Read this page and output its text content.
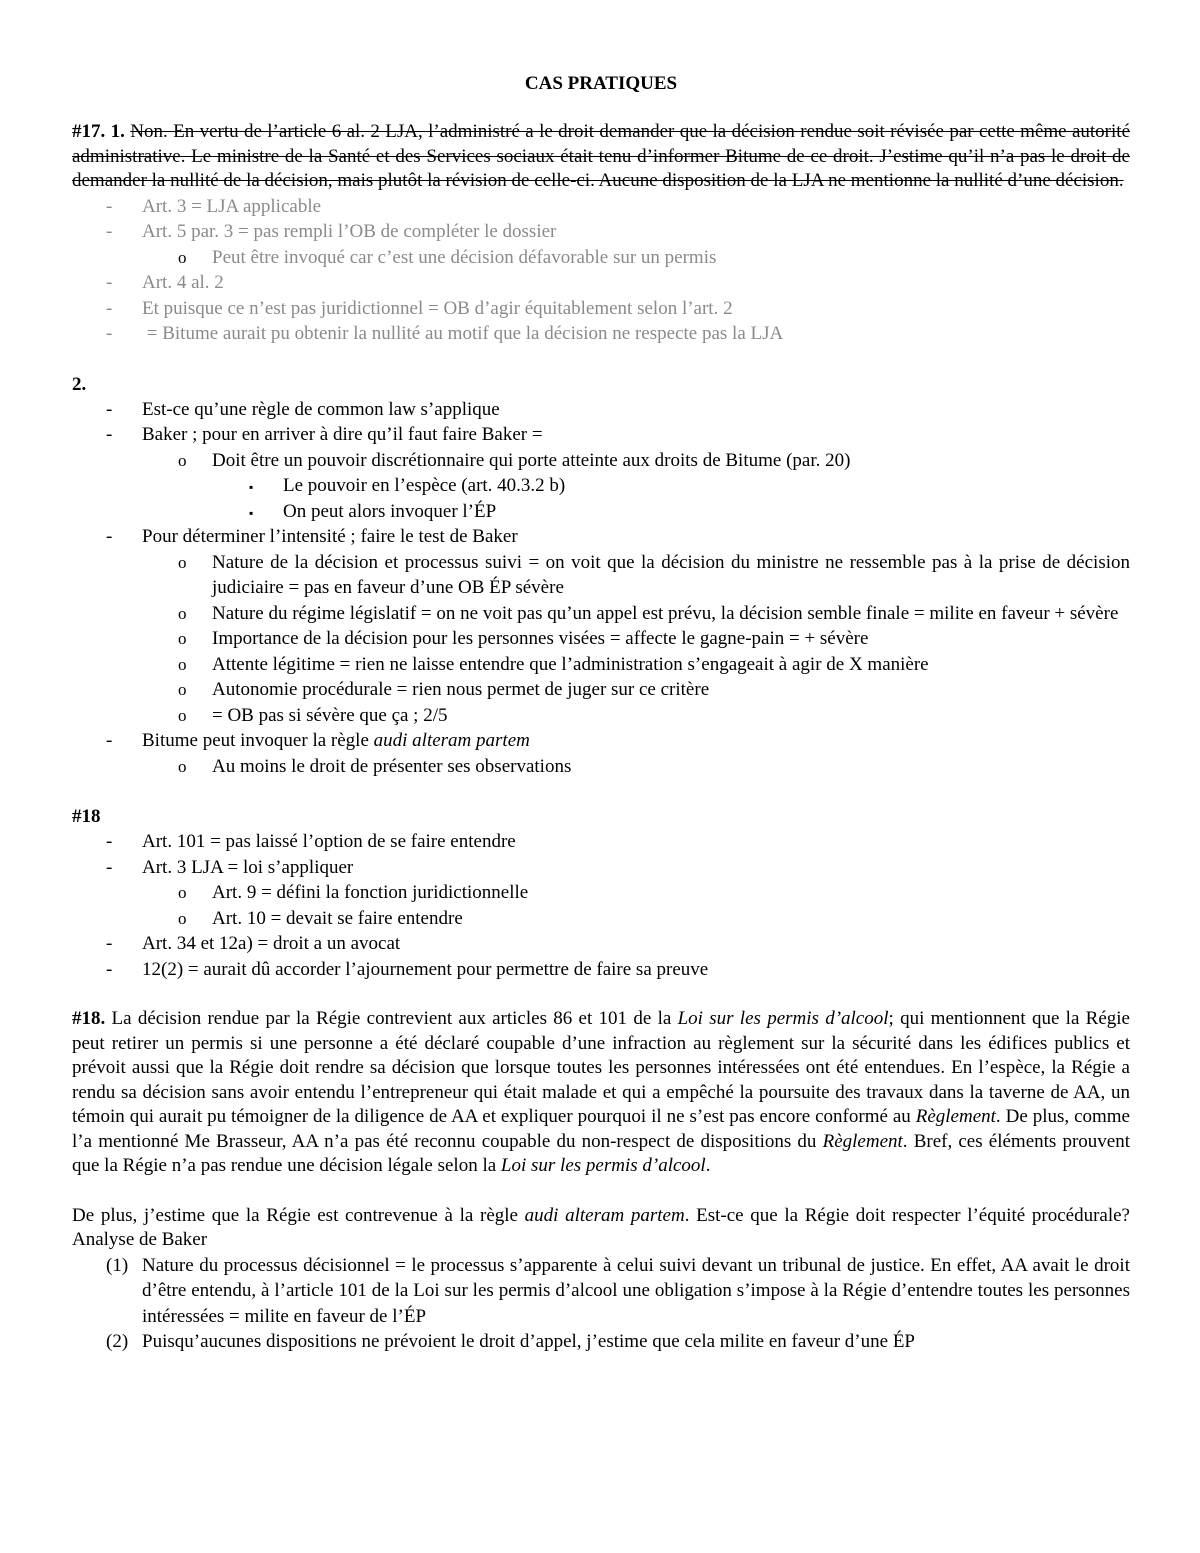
CAS PRATIQUES

#17. 1. Non. En vertu de l’article 6 al. 2 LJA, l’administré a le droit demander que la décision rendue soit révisée par cette même autorité administrative. Le ministre de la Santé et des Services sociaux était tenu d’informer Bitume de ce droit. J’estime qu’il n’a pas le droit de demander la nullité de la décision, mais plutôt la révision de celle-ci. Aucune disposition de la LJA ne mentionne la nullité d’une décision.

- Art. 3 = LJA applicable
- Art. 5 par. 3 = pas rempli l’OB de compléter le dossier
o Peut être invoqué car c’est une décision défavorable sur un permis
- Art. 4 al. 2
- Et puisque ce n’est pas juridictionnel = OB d’agir équitablement selon l’art. 2
- = Bitume aurait pu obtenir la nullité au motif que la décision ne respecte pas la LJA

2.

- Est-ce qu’une règle de common law s’applique
- Baker ; pour en arriver à dire qu’il faut faire Baker =
o Doit être un pouvoir discrétionnaire qui porte atteinte aux droits de Bitume (par. 20)
▪ Le pouvoir en l’espèce (art. 40.3.2 b)
▪ On peut alors invoquer l’ÉP
- Pour déterminer l’intensité ; faire le test de Baker
o Nature de la décision et processus suivi = on voit que la décision du ministre ne ressemble pas à la prise de décision judiciaire = pas en faveur d’une OB ÉP sévère
o Nature du régime législatif = on ne voit pas qu’un appel est prévu, la décision semble finale = milite en faveur + sévère
o Importance de la décision pour les personnes visées = affecte le gagne-pain = + sévère
o Attente légitime = rien ne laisse entendre que l’administration s’engageait à agir de X manière
o Autonomie procédurale = rien nous permet de juger sur ce critère
o = OB pas si sévère que ça ; 2/5
- Bitume peut invoquer la règle audi alteram partem
o Au moins le droit de présenter ses observations

#18

- Art. 101 = pas laissé l’option de se faire entendre
- Art. 3 LJA = loi s’appliquer
o Art. 9 = défini la fonction juridictionnelle
o Art. 10 = devait se faire entendre
- Art. 34 et 12a) = droit a un avocat
- 12(2) = aurait dû accorder l’ajournement pour permettre de faire sa preuve

#18. La décision rendue par la Régie contrevient aux articles 86 et 101 de la Loi sur les permis d’alcool; qui mentionnent que la Régie peut retirer un permis si une personne a été déclaré coupable d’une infraction au règlement sur la sécurité dans les édifices publics et prévoit aussi que la Régie doit rendre sa décision que lorsque toutes les personnes intéressées ont été entendues. En l’espèce, la Régie a rendu sa décision sans avoir entendu l’entrepreneur qui était malade et qui a empêché la poursuite des travaux dans la taverne de AA, un témoin qui aurait pu témoigner de la diligence de AA et expliquer pourquoi il ne s’est pas encore conformé au Règlement. De plus, comme l’a mentionné Me Brasseur, AA n’a pas été reconnu coupable du non-respect de dispositions du Règlement. Bref, ces éléments prouvent que la Régie n’a pas rendue une décision légale selon la Loi sur les permis d’alcool.

De plus, j’estime que la Régie est contrevenue à la règle audi alteram partem. Est-ce que la Régie doit respecter l’équité procédurale? Analyse de Baker

(1) Nature du processus décisionnel = le processus s’apparente à celui suivi devant un tribunal de justice. En effet, AA avait le droit d’être entendu, à l’article 101 de la Loi sur les permis d’alcool une obligation s’impose à la Régie d’entendre toutes les personnes intéressées = milite en faveur de l’ÉP
(2) Puisqu’aucunes dispositions ne prévoient le droit d’appel, j’estime que cela milite en faveur d’une ÉP
